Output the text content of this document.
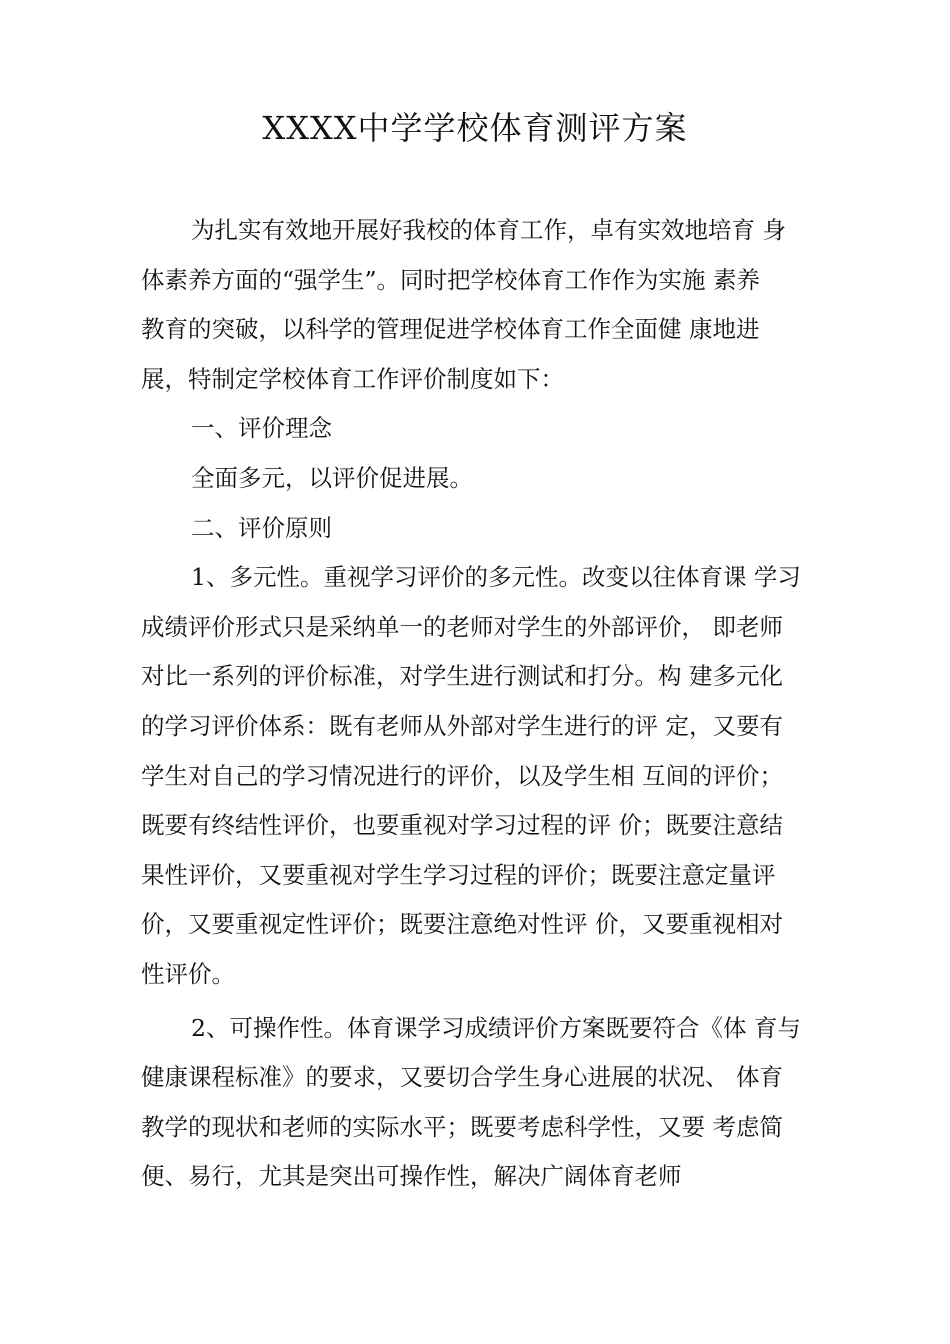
XXXX中学学校体育测评方案
为扎实有效地开展好我校的体育工作，卓有实效地培育 身
体素养方面的“强学生”。同时把学校体育工作作为实施 素养
教育的突破，以科学的管理促进学校体育工作全面健 康地进
展，特制定学校体育工作评价制度如下：
一、评价理念
全面多元，以评价促进展。
二、评价原则
1、多元性。重视学习评价的多元性。改变以往体育课 学习
成绩评价形式只是采纳单一的老师对学生的外部评价， 即老师
对比一系列的评价标准，对学生进行测试和打分。构 建多元化
的学习评价体系：既有老师从外部对学生进行的评 定，又要有
学生对自己的学习情况进行的评价，以及学生相 互间的评价；
既要有终结性评价，也要重视对学习过程的评 价；既要注意结
果性评价，又要重视对学生学习过程的评价；既要注意定量评
价，又要重视定性评价；既要注意绝对性评 价，又要重视相对
性评价。
2、可操作性。体育课学习成绩评价方案既要符合《体 育与
健康课程标准》的要求，又要切合学生身心进展的状况、 体育
教学的现状和老师的实际水平；既要考虑科学性，又要 考虑简
便、易行，尤其是突出可操作性，解决广阔体育老师
